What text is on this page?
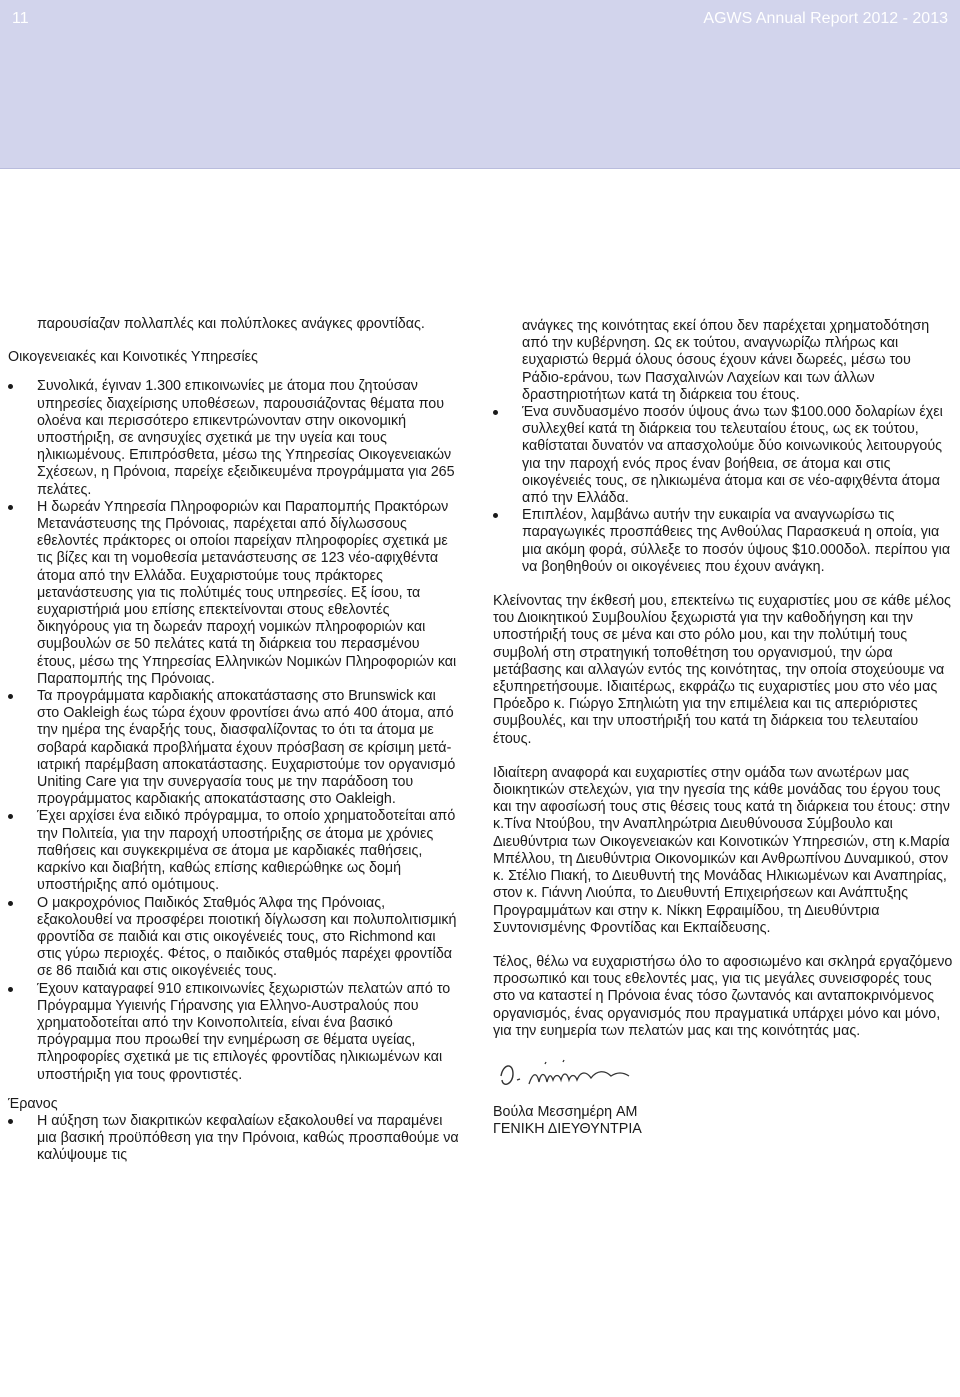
11	AGWS Annual Report 2012 - 2013

παρουσίαζαν πολλαπλές και πολύπλοκες ανάγκες φροντίδας.

Οικογενειακές και Κοινοτικές Υπηρεσίες

Συνολικά, έγιναν 1.300 επικοινωνίες με άτομα που ζητούσαν υπηρεσίες διαχείρισης υποθέσεων, παρουσιάζοντας θέματα που ολοένα και περισσότερο επικεντρώνονταν στην οικονομική υποστήριξη, σε ανησυχίες σχετικά με την υγεία και τους ηλικιωμένους. Επιπρόσθετα, μέσω της Υπηρεσίας Οικογενειακών Σχέσεων, η Πρόνοια, παρείχε εξειδικευμένα προγράμματα για 265 πελάτες.
Η δωρεάν Υπηρεσία Πληροφοριών και Παραπομπής Πρακτόρων Μετανάστευσης της Πρόνοιας, παρέχεται από δίγλωσσους εθελοντές πράκτορες οι οποίοι παρείχαν πληροφορίες σχετικά με τις βίζες και τη νομοθεσία μετανάστευσης σε 123 νέο-αφιχθέντα άτομα από την Ελλάδα. Ευχαριστούμε τους πράκτορες μετανάστευσης για τις πολύτιμές τους υπηρεσίες. Εξ ίσου, τα ευχαριστήριά μου επίσης επεκτείνονται στους εθελοντές δικηγόρους για τη δωρεάν παροχή νομικών πληροφοριών και συμβουλών σε 50 πελάτες κατά τη διάρκεια του περασμένου έτους, μέσω της Υπηρεσίας Ελληνικών Νομικών Πληροφοριών και Παραπομπής της Πρόνοιας.
Τα προγράμματα καρδιακής αποκατάστασης στο Brunswick και στο Oakleigh έως τώρα έχουν φροντίσει άνω από 400 άτομα, από την ημέρα της έναρξής τους, διασφαλίζοντας το ότι τα άτομα με σοβαρά καρδιακά προβλήματα έχουν πρόσβαση σε κρίσιμη μετά-ιατρική παρέμβαση αποκατάστασης. Ευχαριστούμε τον οργανισμό Uniting Care για την συνεργασία τους με την παράδοση του προγράμματος καρδιακής αποκατάστασης στο Oakleigh.
Έχει αρχίσει ένα ειδικό πρόγραμμα, το οποίο χρηματοδοτείται από την Πολιτεία, για την παροχή υποστήριξης σε άτομα με χρόνιες παθήσεις και συγκεκριμένα σε άτομα με καρδιακές παθήσεις, καρκίνο και διαβήτη, καθώς επίσης καθιερώθηκε ως δομή υποστήριξης από ομότιμους.
Ο μακροχρόνιος Παιδικός Σταθμός Άλφα της Πρόνοιας, εξακολουθεί να προσφέρει ποιοτική δίγλωσση και πολυπολιτισμική φροντίδα σε παιδιά και στις οικογένειές τους, στο Richmond και στις γύρω περιοχές. Φέτος, ο παιδικός σταθμός παρέχει φροντίδα σε 86 παιδιά και στις οικογένειές τους.
Έχουν καταγραφεί 910 επικοινωνίες ξεχωριστών πελατών από το Πρόγραμμα Υγιεινής Γήρανσης για Ελληνο-Αυστραλούς που χρηματοδοτείται από την Κοινοπολιτεία, είναι ένα βασικό πρόγραμμα που προωθεί την ενημέρωση σε θέματα υγείας, πληροφορίες σχετικά με τις επιλογές φροντίδας ηλικιωμένων και υποστήριξη για τους φροντιστές.

Έρανος

Η αύξηση των διακριτικών κεφαλαίων εξακολουθεί να παραμένει μια βασική προϋπόθεση για την Πρόνοια, καθώς προσπαθούμε να καλύψουμε τις

ανάγκες της κοινότητας εκεί όπου δεν παρέχεται χρηματοδότηση από την κυβέρνηση. Ως εκ τούτου, αναγνωρίζω πλήρως και ευχαριστώ θερμά όλους όσους έχουν κάνει δωρεές, μέσω του Ράδιο-εράνου, των Πασχαλινών Λαχείων και των άλλων δραστηριοτήτων κατά τη διάρκεια του έτους.

Ένα συνδυασμένο ποσόν ύψους άνω των $100.000 δολαρίων έχει συλλεχθεί κατά τη διάρκεια του τελευταίου έτους, ως εκ τούτου, καθίσταται δυνατόν να απασχολούμε δύο κοινωνικούς λειτουργούς για την παροχή ενός προς έναν βοήθεια, σε άτομα και στις οικογένειές τους, σε ηλικιωμένα άτομα και σε νέο-αφιχθέντα άτομα από την Ελλάδα.
Επιπλέον, λαμβάνω αυτήν την ευκαιρία να αναγνωρίσω τις παραγωγικές προσπάθειες της Ανθούλας Παρασκευά η οποία, για μια ακόμη φορά, σύλλεξε το ποσόν ύψους $10.000δολ. περίπου για να βοηθηθούν οι οικογένειες που έχουν ανάγκη.

Κλείνοντας την έκθεσή μου, επεκτείνω τις ευχαριστίες μου σε κάθε μέλος του Διοικητικού Συμβουλίου ξεχωριστά για την καθοδήγηση και την υποστήριξή τους σε μένα και στο ρόλο μου, και την πολύτιμή τους συμβολή στη στρατηγική τοποθέτηση του οργανισμού, την ώρα μετάβασης και αλλαγών εντός της κοινότητας, την οποία στοχεύουμε να εξυπηρετήσουμε. Ιδιαιτέρως, εκφράζω τις ευχαριστίες μου στο νέο μας Πρόεδρο κ. Γιώργο Σπηλιώτη για την επιμέλεια και τις απεριόριστες συμβουλές, και την υποστήριξή του κατά τη διάρκεια του τελευταίου έτους.

Ιδιαίτερη αναφορά και ευχαριστίες στην ομάδα των ανωτέρων μας διοικητικών στελεχών, για την ηγεσία της κάθε μονάδας του έργου τους και την αφοσίωσή τους στις θέσεις τους κατά τη διάρκεια του έτους: στην κ.Τίνα Ντούβου, την Αναπληρώτρια Διευθύνουσα Σύμβουλο και Διευθύντρια των Οικογενειακών και Κοινοτικών Υπηρεσιών, στη κ.Μαρία Μπέλλου, τη Διευθύντρια Οικονομικών και Ανθρωπίνου Δυναμικού, στον κ. Στέλιο Πιακή, το Διευθυντή της Μονάδας Ηλικιωμένων και Αναπηρίας, στον κ. Γιάννη Λιούπα, το Διευθυντή Επιχειρήσεων και Ανάπτυξης Προγραμμάτων και στην κ. Νίκκη Εφραιμίδου, τη Διευθύντρια Συντονισμένης Φροντίδας και Εκπαίδευσης.

Τέλος, θέλω να ευχαριστήσω όλο το αφοσιωμένο και σκληρά εργαζόμενο προσωπικό και τους εθελοντές μας, για τις μεγάλες συνεισφορές τους στο να καταστεί η Πρόνοια ένας τόσο ζωντανός και ανταποκρινόμενος οργανισμός, ένας οργανισμός που πραγματικά υπάρχει μόνο και μόνο, για την ευημερία των πελατών μας και της κοινότητάς μας.

Βούλα Μεσσημέρη AM

ΓΕΝΙΚΗ ΔΙΕΥΘΥΝΤΡΙΑ
